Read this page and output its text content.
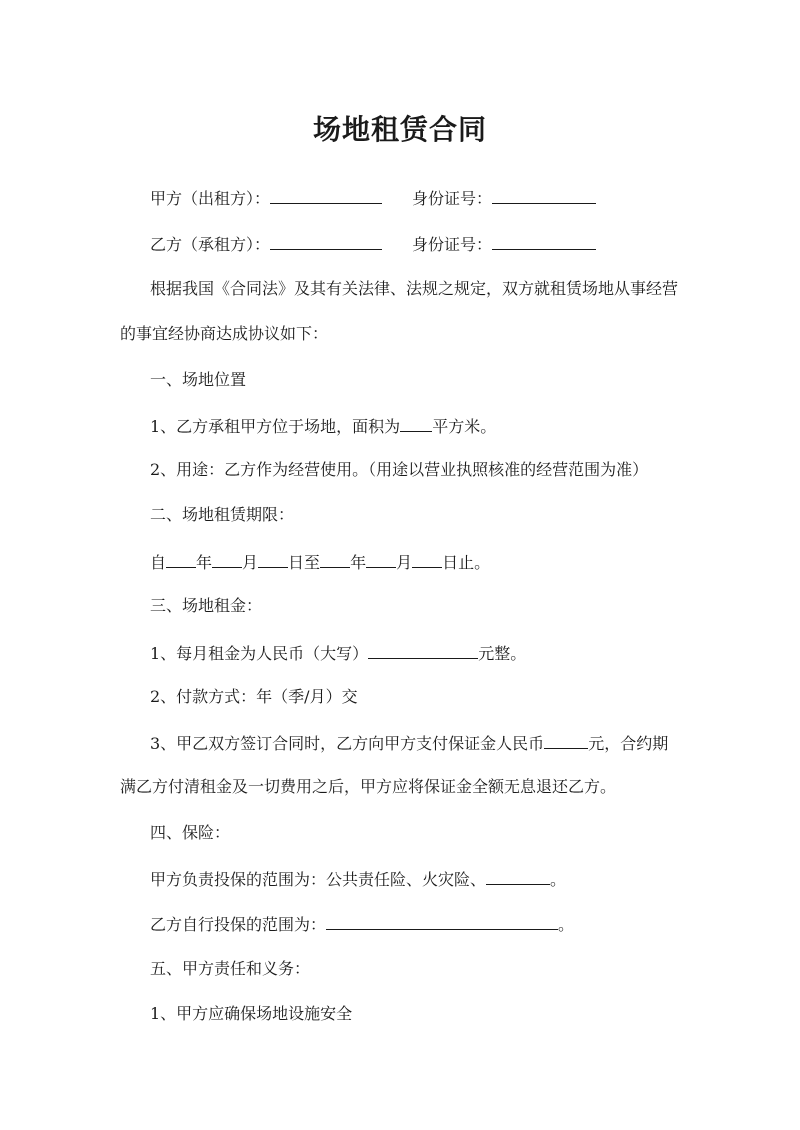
场地租赁合同

甲方（出租方）：	身份证号：

乙方（承租方）：	身份证号：

根据我国《合同法》及其有关法律、法规之规定，双方就租赁场地从事经营

的事宜经协商达成协议如下：

一、场地位置

1、乙方承租甲方位于场地，面积为 平方米。

2、用途：乙方作为经营使用。（用途以营业执照核准的经营范围为准）

二、场地租赁期限：

自 年 月 日至 年 月 日止。

三、场地租金：

1、每月租金为人民币（大写）	元整。

2、付款方式：年（季/月）交

3、甲乙双方签订合同时，乙方向甲方支付保证金人民币	元，合约期

满乙方付清租金及一切费用之后，甲方应将保证金全额无息退还乙方。

四、保险：

甲方负责投保的范围为：公共责任险、火灾险、	。

乙方自行投保的范围为：	。

五、甲方责任和义务：

1、甲方应确保场地设施安全
